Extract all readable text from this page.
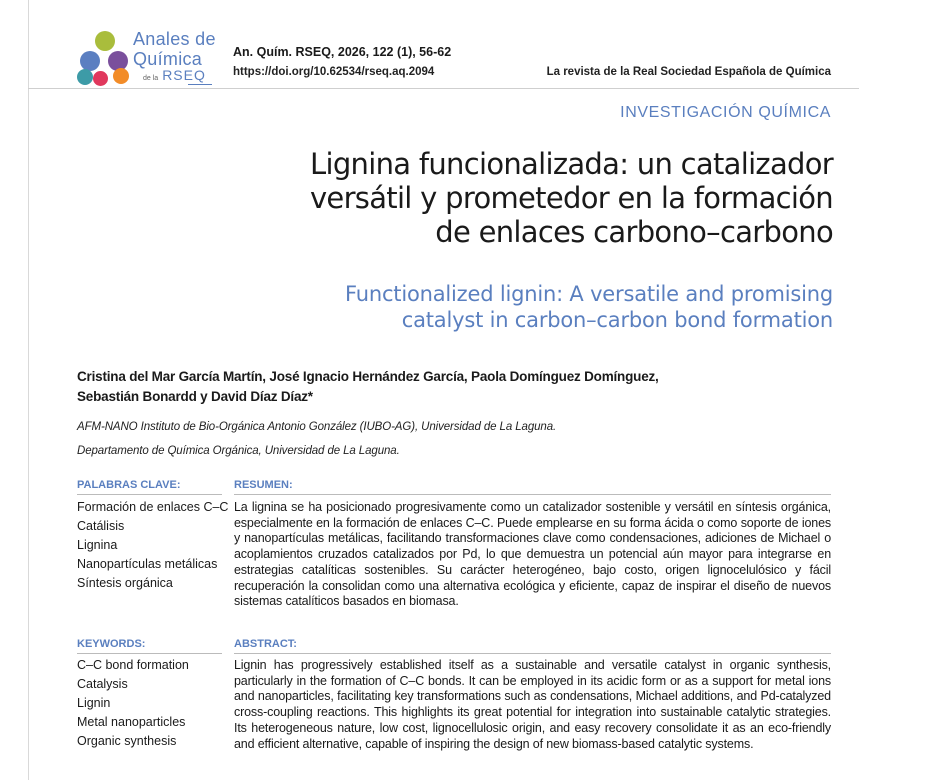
Anales de
Química
de la RSEQ
An. Quím. RSEQ, 2026, 122 (1), 56-62
https://doi.org/10.62534/rseq.aq.2094	La revista de la Real Sociedad Española de Química
INVESTIGACIÓN QUÍMICA
Lignina funcionalizada: un catalizador
versátil y prometedor en la formación
de enlaces carbono–carbono
Functionalized lignin: A versatile and promising
catalyst in carbon–carbon bond formation
Cristina del Mar García Martín, José Ignacio Hernández García, Paola Domínguez Domínguez,
Sebastián Bonardd y David Díaz Díaz*
AFM-NANO Instituto de Bio-Orgánica Antonio González (IUBO-AG), Universidad de La Laguna.
Departamento de Química Orgánica, Universidad de La Laguna.
PALABRAS CLAVE:
Formación de enlaces C–C
Catálisis
Lignina
Nanopartículas metálicas
Síntesis orgánica
RESUMEN:
La lignina se ha posicionado progresivamente como un catalizador sostenible y versátil en síntesis orgánica, especialmente en la formación de enlaces C–C. Puede emplearse en su forma ácida o como soporte de iones y nanopartículas metálicas, facilitando transformaciones clave como condensaciones, adiciones de Michael o acoplamientos cruzados catalizados por Pd, lo que demuestra un potencial aún mayor para integrarse en estrategias catalíticas sostenibles. Su carácter heterogéneo, bajo costo, origen lignocelulósico y fácil recuperación la consolidan como una alternativa ecológica y eficiente, capaz de inspirar el diseño de nuevos sistemas catalíticos basados en biomasa.
KEYWORDS:
C–C bond formation
Catalysis
Lignin
Metal nanoparticles
Organic synthesis
ABSTRACT:
Lignin has progressively established itself as a sustainable and versatile catalyst in organic synthesis, particularly in the formation of C–C bonds. It can be employed in its acidic form or as a support for metal ions and nanoparticles, facilitating key transformations such as condensations, Michael additions, and Pd-catalyzed cross-coupling reactions. This highlights its great potential for integration into sustainable catalytic strategies. Its heterogeneous nature, low cost, lignocellulosic origin, and easy recovery consolidate it as an eco-friendly and efficient alternative, capable of inspiring the design of new biomass-based catalytic systems.
